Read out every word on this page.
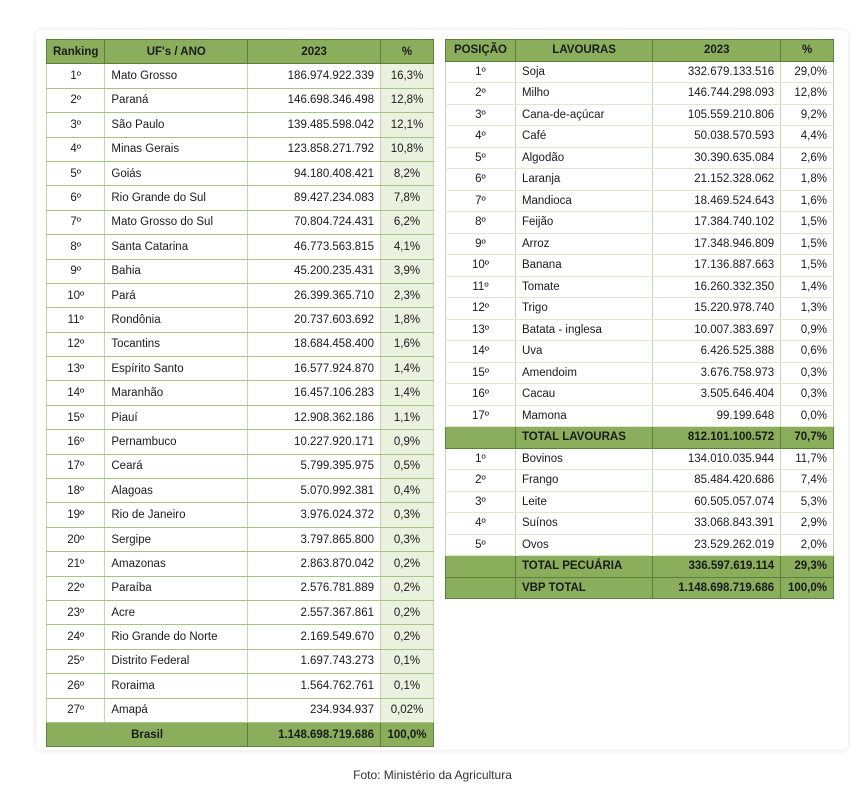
Ranking	UF's / ANO	2023	%
1º	Mato Grosso	186.974.922.339	16,3%
2º	Paraná	146.698.346.498	12,8%
3º	São Paulo	139.485.598.042	12,1%
4º	Minas Gerais	123.858.271.792	10,8%
5º	Goiás	94.180.408.421	8,2%
6º	Rio Grande do Sul	89.427.234.083	7,8%
7º	Mato Grosso do Sul	70.804.724.431	6,2%
8º	Santa Catarina	46.773.563.815	4,1%
9º	Bahia	45.200.235.431	3,9%
10º	Pará	26.399.365.710	2,3%
11º	Rondônia	20.737.603.692	1,8%
12º	Tocantins	18.684.458.400	1,6%
13º	Espírito Santo	16.577.924.870	1,4%
14º	Maranhão	16.457.106.283	1,4%
15º	Piauí	12.908.362.186	1,1%
16º	Pernambuco	10.227.920.171	0,9%
17º	Ceará	5.799.395.975	0,5%
18º	Alagoas	5.070.992.381	0,4%
19º	Rio de Janeiro	3.976.024.372	0,3%
20º	Sergipe	3.797.865.800	0,3%
21º	Amazonas	2.863.870.042	0,2%
22º	Paraíba	2.576.781.889	0,2%
23º	Acre	2.557.367.861	0,2%
24º	Rio Grande do Norte	2.169.549.670	0,2%
25º	Distrito Federal	1.697.743.273	0,1%
26º	Roraima	1.564.762.761	0,1%
27º	Amapá	234.934.937	0,02%
Brasil		1.148.698.719.686	100,0%
POSIÇÃO	LAVOURAS	2023	%
1º	Soja	332.679.133.516	29,0%
2º	Milho	146.744.298.093	12,8%
3º	Cana-de-açúcar	105.559.210.806	9,2%
4º	Café	50.038.570.593	4,4%
5º	Algodão	30.390.635.084	2,6%
6º	Laranja	21.152.328.062	1,8%
7º	Mandioca	18.469.524.643	1,6%
8º	Feijão	17.384.740.102	1,5%
9º	Arroz	17.348.946.809	1,5%
10º	Banana	17.136.887.663	1,5%
11º	Tomate	16.260.332.350	1,4%
12º	Trigo	15.220.978.740	1,3%
13º	Batata - inglesa	10.007.383.697	0,9%
14º	Uva	6.426.525.388	0,6%
15º	Amendoim	3.676.758.973	0,3%
16º	Cacau	3.505.646.404	0,3%
17º	Mamona	99.199.648	0,0%
	TOTAL LAVOURAS	812.101.100.572	70,7%
1º	Bovinos	134.010.035.944	11,7%
2º	Frango	85.484.420.686	7,4%
3º	Leite	60.505.057.074	5,3%
4º	Suínos	33.068.843.391	2,9%
5º	Ovos	23.529.262.019	2,0%
	TOTAL PECUÁRIA	336.597.619.114	29,3%
	VBP TOTAL	1.148.698.719.686	100,0%
Foto: Ministério da Agricultura
